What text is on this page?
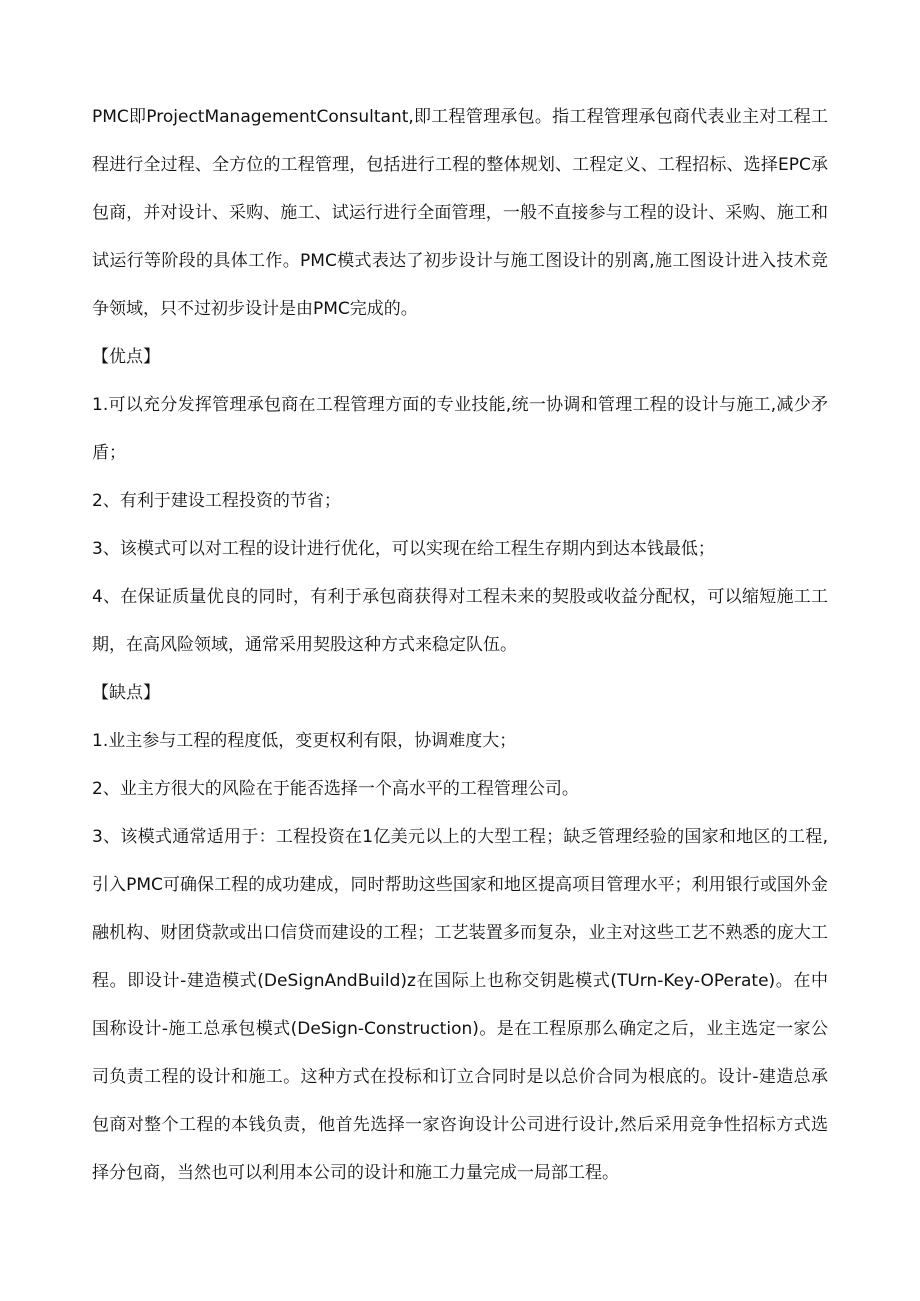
PMC即ProjectManagementConsultant,即工程管理承包。指工程管理承包商代表业主对工程工程进行全过程、全方位的工程管理，包括进行工程的整体规划、工程定义、工程招标、选择EPC承包商，并对设计、采购、施工、试运行进行全面管理，一般不直接参与工程的设计、采购、施工和试运行等阶段的具体工作。PMC模式表达了初步设计与施工图设计的别离,施工图设计进入技术竞争领域，只不过初步设计是由PMC完成的。

【优点】

1.可以充分发挥管理承包商在工程管理方面的专业技能,统一协调和管理工程的设计与施工,减少矛盾；

2、有利于建设工程投资的节省；

3、该模式可以对工程的设计进行优化，可以实现在给工程生存期内到达本钱最低；

4、在保证质量优良的同时，有利于承包商获得对工程未来的契股或收益分配权，可以缩短施工工期，在高风险领域，通常采用契股这种方式来稳定队伍。

【缺点】

1.业主参与工程的程度低，变更权利有限，协调难度大；

2、业主方很大的风险在于能否选择一个高水平的工程管理公司。

3、该模式通常适用于：工程投资在1亿美元以上的大型工程；缺乏管理经验的国家和地区的工程,引入PMC可确保工程的成功建成，同时帮助这些国家和地区提高项目管理水平；利用银行或国外金融机构、财团贷款或出口信贷而建设的工程；工艺装置多而复杂，业主对这些工艺不熟悉的庞大工程。即设计-建造模式(DeSignAndBuild)z在国际上也称交钥匙模式(TUrn-Key-OPerate)。在中国称设计-施工总承包模式(DeSign-Construction)。是在工程原那么确定之后，业主选定一家公司负责工程的设计和施工。这种方式在投标和订立合同时是以总价合同为根底的。设计-建造总承包商对整个工程的本钱负责，他首先选择一家咨询设计公司进行设计,然后采用竞争性招标方式选择分包商，当然也可以利用本公司的设计和施工力量完成一局部工程。
